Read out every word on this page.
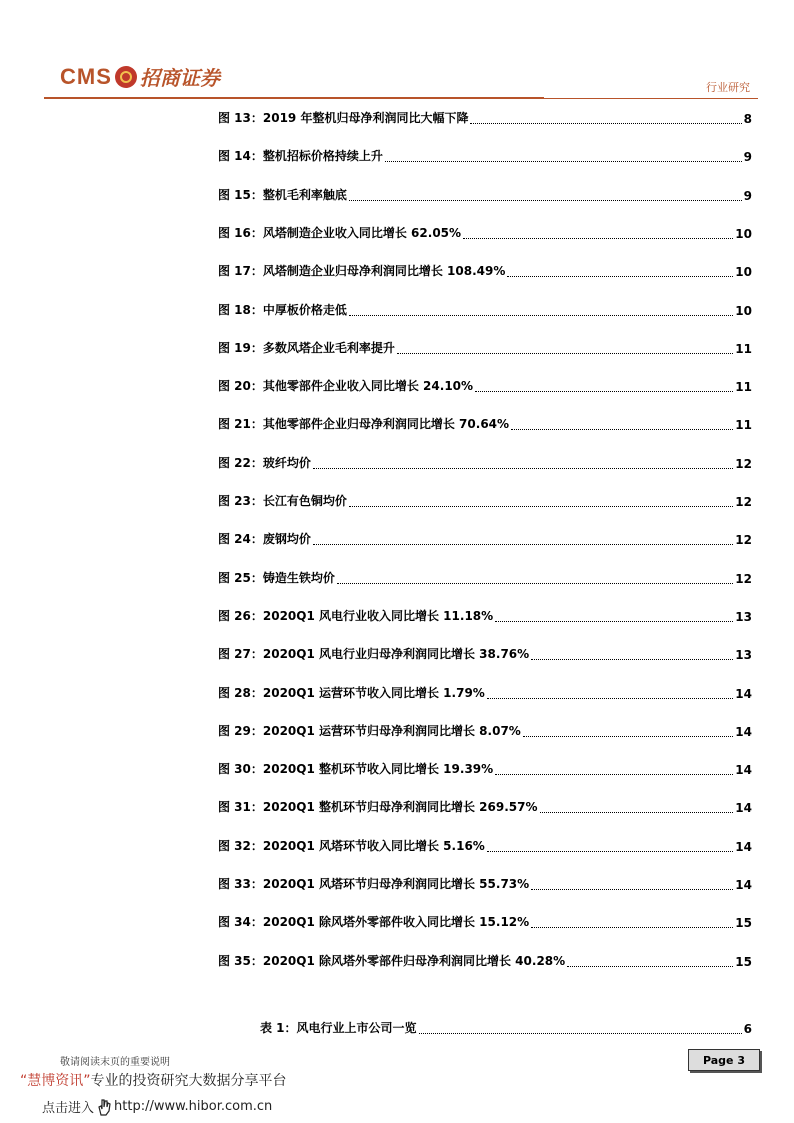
CMS 招商证券	行业研究
图 13：2019 年整机归母净利润同比大幅下降	8
图 14：整机招标价格持续上升	9
图 15：整机毛利率触底	9
图 16：风塔制造企业收入同比增长 62.05%	10
图 17：风塔制造企业归母净利润同比增长 108.49%	10
图 18：中厚板价格走低	10
图 19：多数风塔企业毛利率提升	11
图 20：其他零部件企业收入同比增长 24.10%	11
图 21：其他零部件企业归母净利润同比增长 70.64%	11
图 22：玻纤均价	12
图 23：长江有色铜均价	12
图 24：废钢均价	12
图 25：铸造生铁均价	12
图 26：2020Q1 风电行业收入同比增长 11.18%	13
图 27：2020Q1 风电行业归母净利润同比增长 38.76%	13
图 28：2020Q1 运营环节收入同比增长 1.79%	14
图 29：2020Q1 运营环节归母净利润同比增长 8.07%	14
图 30：2020Q1 整机环节收入同比增长 19.39%	14
图 31：2020Q1 整机环节归母净利润同比增长 269.57%	14
图 32：2020Q1 风塔环节收入同比增长 5.16%	14
图 33：2020Q1 风塔环节归母净利润同比增长 55.73%	14
图 34：2020Q1 除风塔外零部件收入同比增长 15.12%	15
图 35：2020Q1 除风塔外零部件归母净利润同比增长 40.28%	15
表 1：风电行业上市公司一览	6
敬请阅读末页的重要说明	Page 3
“慧博资讯”专业的投资研究大数据分享平台
点击进入 http://www.hibor.com.cn
